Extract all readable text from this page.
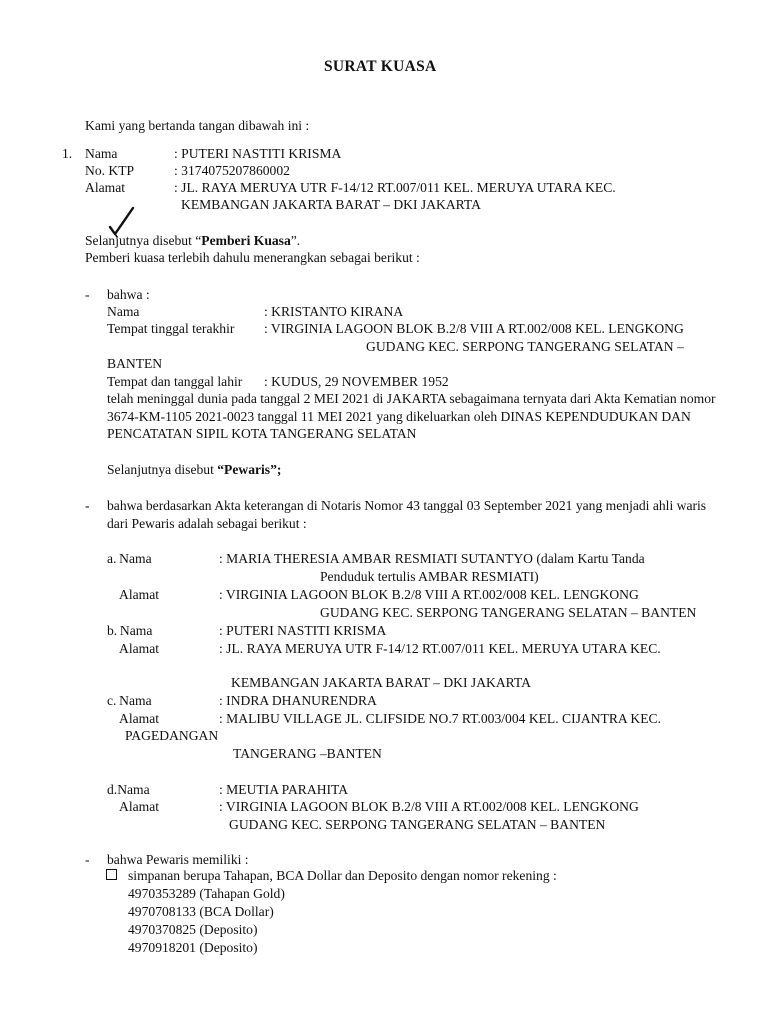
SURAT KUASA
Kami yang bertanda tangan dibawah ini :
1. Nama	: PUTERI NASTITI KRISMA
No. KTP	: 3174075207860002
Alamat	: JL. RAYA MERUYA UTR F-14/12 RT.007/011 KEL. MERUYA UTARA KEC.
KEMBANGAN JAKARTA BARAT – DKI JAKARTA
Selanjutnya disebut “Pemberi Kuasa”.
Pemberi kuasa terlebih dahulu menerangkan sebagai berikut :
- bahwa :
Nama	: KRISTANTO KIRANA
Tempat tinggal terakhir : VIRGINIA LAGOON BLOK B.2/8 VIII A RT.002/008 KEL. LENGKONG
GUDANG KEC. SERPONG TANGERANG SELATAN –
BANTEN
Tempat dan tanggal lahir : KUDUS, 29 NOVEMBER 1952
telah meninggal dunia pada tanggal 2 MEI 2021 di JAKARTA sebagaimana ternyata dari Akta Kematian nomor
3674-KM-1105 2021-0023 tanggal 11 MEI 2021 yang dikeluarkan oleh DINAS KEPENDUDUKAN DAN
PENCATATAN SIPIL KOTA TANGERANG SELATAN
Selanjutnya disebut “Pewaris”;
- bahwa berdasarkan Akta keterangan di Notaris Nomor 43 tanggal 03 September 2021 yang menjadi ahli waris
dari Pewaris adalah sebagai berikut :
a. Nama	: MARIA THERESIA AMBAR RESMIATI SUTANTYO (dalam Kartu Tanda
Penduduk tertulis AMBAR RESMIATI)
Alamat	: VIRGINIA LAGOON BLOK B.2/8 VIII A RT.002/008 KEL. LENGKONG
GUDANG KEC. SERPONG TANGERANG SELATAN – BANTEN
b. Nama	: PUTERI NASTITI KRISMA
Alamat	: JL. RAYA MERUYA UTR F-14/12 RT.007/011 KEL. MERUYA UTARA KEC.
KEMBANGAN JAKARTA BARAT – DKI JAKARTA
c. Nama	: INDRA DHANURENDRA
Alamat	: MALIBU VILLAGE JL. CLIFSIDE NO.7 RT.003/004 KEL. CIJANTRA KEC.
PAGEDANGAN
TANGERANG –BANTEN
d.Nama	: MEUTIA PARAHITA
Alamat	: VIRGINIA LAGOON BLOK B.2/8 VIII A RT.002/008 KEL. LENGKONG
GUDANG KEC. SERPONG TANGERANG SELATAN – BANTEN
- bahwa Pewaris memiliki :
simpanan berupa Tahapan, BCA Dollar dan Deposito dengan nomor rekening :
4970353289 (Tahapan Gold)
4970708133 (BCA Dollar)
4970370825 (Deposito)
4970918201 (Deposito)
